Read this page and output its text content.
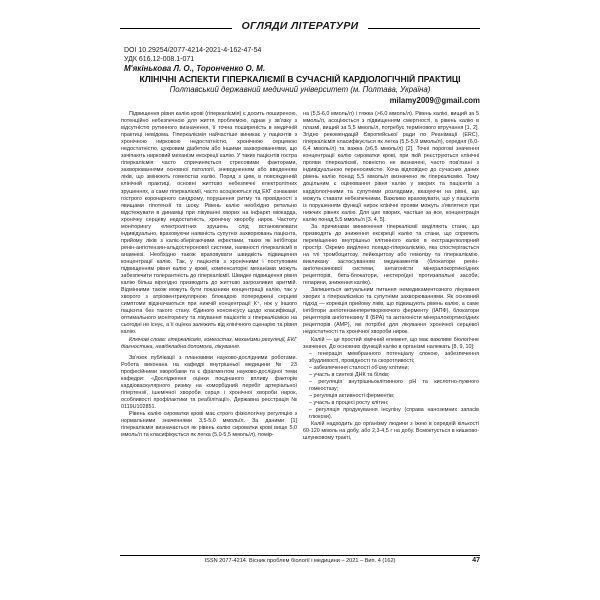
ОГЛЯДИ ЛІТЕРАТУРИ
DOI 10.29254/2077-4214-2021-4-162-47-54
УДК 616.12-008.1-071
М'якінькова Л. О., Торонченко О. М.
КЛІНІЧНІ АСПЕКТИ ГІПЕРКАЛІЄМІЇ В СУЧАСНІЙ КАРДІОЛОГІЧНІЙ ПРАКТИЦІ
Полтавський державний медичний університет (м. Полтава, Україна)
milamy2009@gmail.com

Підвищення рівня калію крові (гіперкаліємія) є досить поширеною, потенційно небезпечною для життя проблемою, однак у зв'язку з відсутністю рутинного визначення, її точна поширеність в медичній практиці невідома. Гіперкаліємія найчастіше виникає у пацієнтів з хронічною нирковою недостатністю, хронічною серцевою недостатністю, цукровим діабетом або іншими захворюваннями, що зачіпають нирковий механізм екскреції калію. У таких пацієнтів гостра гіперкаліємія часто спричиняється стресовими факторами, захворюваннями основної патології, зневодненням або введенням ліків, що змінюють гомеостаз калію. Поряд з цим, в повсякденній клінічній практиці, основні життєво небезпечні електролітних зрушеннях, а саме гіперкаліємії, часто асоціюються під ЕКГ ознаками гострого коронарного синдрому, порушення ритму та провідності з явищами гіпотензії та шоку. Рівень калію необхідно ретельно відстежувати в динаміці при лікуванні хворих на інфаркт міокарда, хронічну серцеву недостатність, хронічну хворобу нирок. Частоту моніторингу електролітних зрушень слід встановлювати індивідуально, враховуючи наявність супутніх захворювань пацієнта, прийому ліків з каліє-зберігаючими ефектами, таких як інгібітори ренін-ангіотензин-альдостеронової системи, наявності гіперкаліємії в анамнезі. Необхідно також враховувати швидкість підвищення концентрації калію. Так, у пацієнтів з хронічними і поступовим підвищенням рівня калію у крові, компенсаторні механізми можуть забезпечити толерантність до гіперкаліємії. Швидке підвищення рівня калію більш вірогідно призводить до життєво загрозливих аритмій. Відмінними також можуть бути показники концентрації калію, так у хворого з атріовентрикулярною блокадою попереджені серцеві симптоми відзначаються при нижчій концентрації К⁺, ніж у іншого пацієнта без такого стану. Єдиного консенсусу щодо класифікації, оптимального моніторингу та лікування пацієнтів з гіперкаліємією на сьогодні не існує, а її оцінка залежить від клінічного сценарію та рівня калію.

Ключові слова: гіперкаліємія, гомеостаз, механізми регуляції, ЕКГ діагностика, невідкладна допомога, лікування.

Зв'язок публікації з плановими науково-дослідними роботами. Робота виконана на кафедрі внутрішньої медицини № 2З професійними хворобами та є фрагментом науково-дослідної теми кафедри: «Дослідження оцінки поєднаного впливу факторів кардіоваскулярного ризику на коморбідний перебіг артеріальної гіпертензії, ішемічної хвороби серця і хронічної хвороби нирок, особливості профілактики та реабілітації». Державна реєстрація № 0119U102851.

Рівень калію сироватки крові має строго фізіологічну регуляцію з нормальними значеннями 3,5-5,0 ммоль/л. За даними [1] гіперкаліємія визначається як рівень калію сироватки крові вище 5,0 ммоль/л та класифікується як легка (5,0-5,5 ммоль/л), помір-

на (5,5-6,0 ммоль/л) і тяжка (>6,0 ммоль/л). Рівень калію, вищий за 5 ммоль/л, асоціюється з підвищенням смертності, а рівень калію в плазмі, вищий за 5,5 ммоль/л, потребує термінового втручання [1, 2]. Згідно рекомендацій Європейської ради по Реанімації (ERC), гіперкаліємія класифікується як легка (5,5-5,9 ммоль/л), середня (6,0-6,4 ммоль/л) та важка (≥6,5 ммоль/л) [2]. Точні порогові значення концентрації калію сироватки крові, при якій реєструються клінічні прояви гіперкаліємії, повністю не визначені, часто пов'язані з індивідуальною переносимістю. Хоча відповідно до сучасних даних рівень калію понад 5,5 ммоль/л визначено як гіперкаліємію. Тому доцільним є оцінювання рівня калію у хворих та пацієнтів з кардіологічними та супутніми розладами, вказуючи на рівні, що можуть ставати небезпечними. Важливо враховувати, що у пацієнтів із порушенням функції нирок клінічні прояви можуть з'являтися при нижчих рівнях калію. Для цих хворих, частіше за все, концентрація калію понад 5,5 ммоль/л [3, 4, 5].

За причинами виникнення гіперкаліємії виділяють стани, що призводять до зниження екскреції калію та стани, що сприяють переміщенню внутрішньо клітинного калію в екстрацелюлярний простір. Окремо виділено псевдо-гіперкаліємію, яка спостерігається на тлі тромбоцитозу, лейкоцитозу або гемолізу та гіперкаліємію, викликану застосуванням медикаментів (блокатори ренін-ангіотензинової системи, антагоністи мінералокортикоїдних рецепторів, бета-блокатори, нестероїдні протизапальні засоби, гепарини, зниження калію).

Запишеться актуальним питання немедикаментозного лікування хворих з гіперкаліємією та супутніми захворюваннями. Як основний підхід — корекція прийому ліків, що підвищують рівень калію, а саме інгібітори ангіотензинперетворюючого ферменту (ІАПФ), блокатори рецепторів ангіотензину II (БРА) та антагоністи мінералокортикоїдних рецепторів (АМР), які потрібні для лікування хронічної серцевої недостатності та хронічної хвороби нирок.

Калій — це простий хімічний елемент, що має важливе біологічне значення. До основних функцій калію в організмі належать [8, 9, 10]:

– генерація мембранного потенціалу спокою, забезпечення збудливості, провідності та скоротливості;

– забезпечення сталості об'єму клітини;

– участь в синтезі ДНК та білків;

– регуляція внутрішньоклітинного pH та кислотно-лужного гомеостазу;

– регуляція активності ферментів;

– участь в процесі росту клітин;

– регуляція продукування інсуліну (справа наноземних запасів глюкози).

Калій надходить до організму людини з їжею в середній кількості 60-120 ммоль на добу, або 2,3-4,5 г на добу. Всмоктується в кишково-шлунковому тракті,

ISSN 2077-4214. Вісник проблем біології і медицини – 2021 – Вип. 4 (162)	47
